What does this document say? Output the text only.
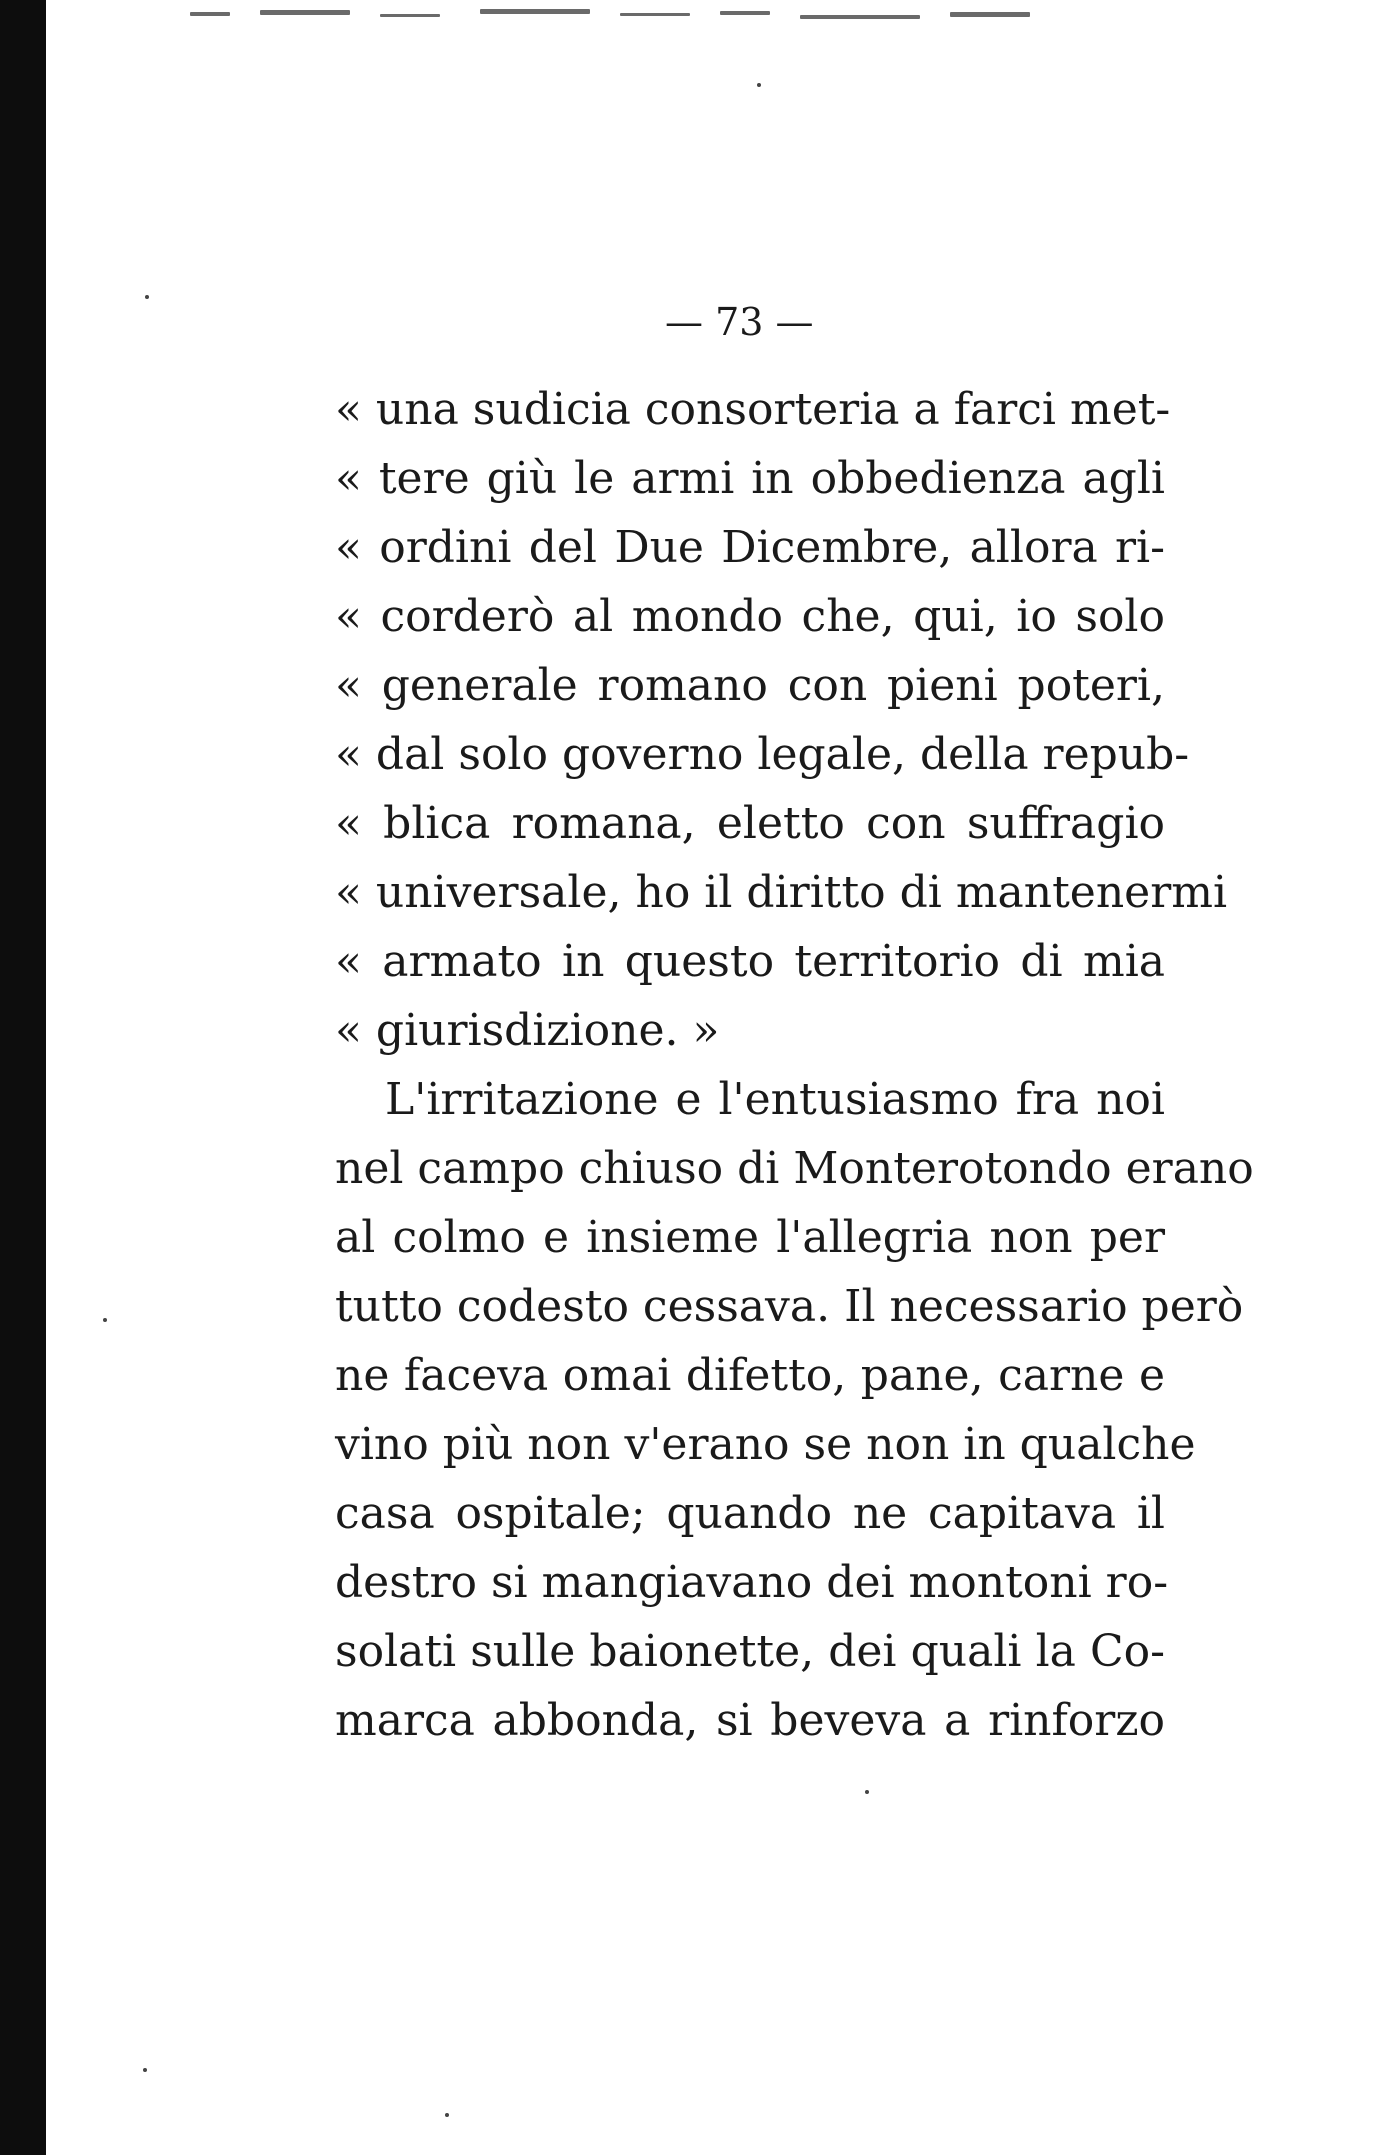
— 73 —
« una sudicia consorteria a farci met-
« tere giù le armi in obbedienza agli
« ordini del Due Dicembre, allora ri-
« corderò al mondo che, qui, io solo
« generale romano con pieni poteri,
« dal solo governo legale, della repub-
« blica romana, eletto con suffragio
« universale, ho il diritto di mantenermi
« armato in questo territorio di mia
« giurisdizione. »
L'irritazione e l'entusiasmo fra noi
nel campo chiuso di Monterotondo erano
al colmo e insieme l'allegria non per
tutto codesto cessava. Il necessario però
ne faceva omai difetto, pane, carne e
vino più non v'erano se non in qualche
casa ospitale; quando ne capitava il
destro si mangiavano dei montoni ro-
solati sulle baionette, dei quali la Co-
marca abbonda, si beveva a rinforzo
